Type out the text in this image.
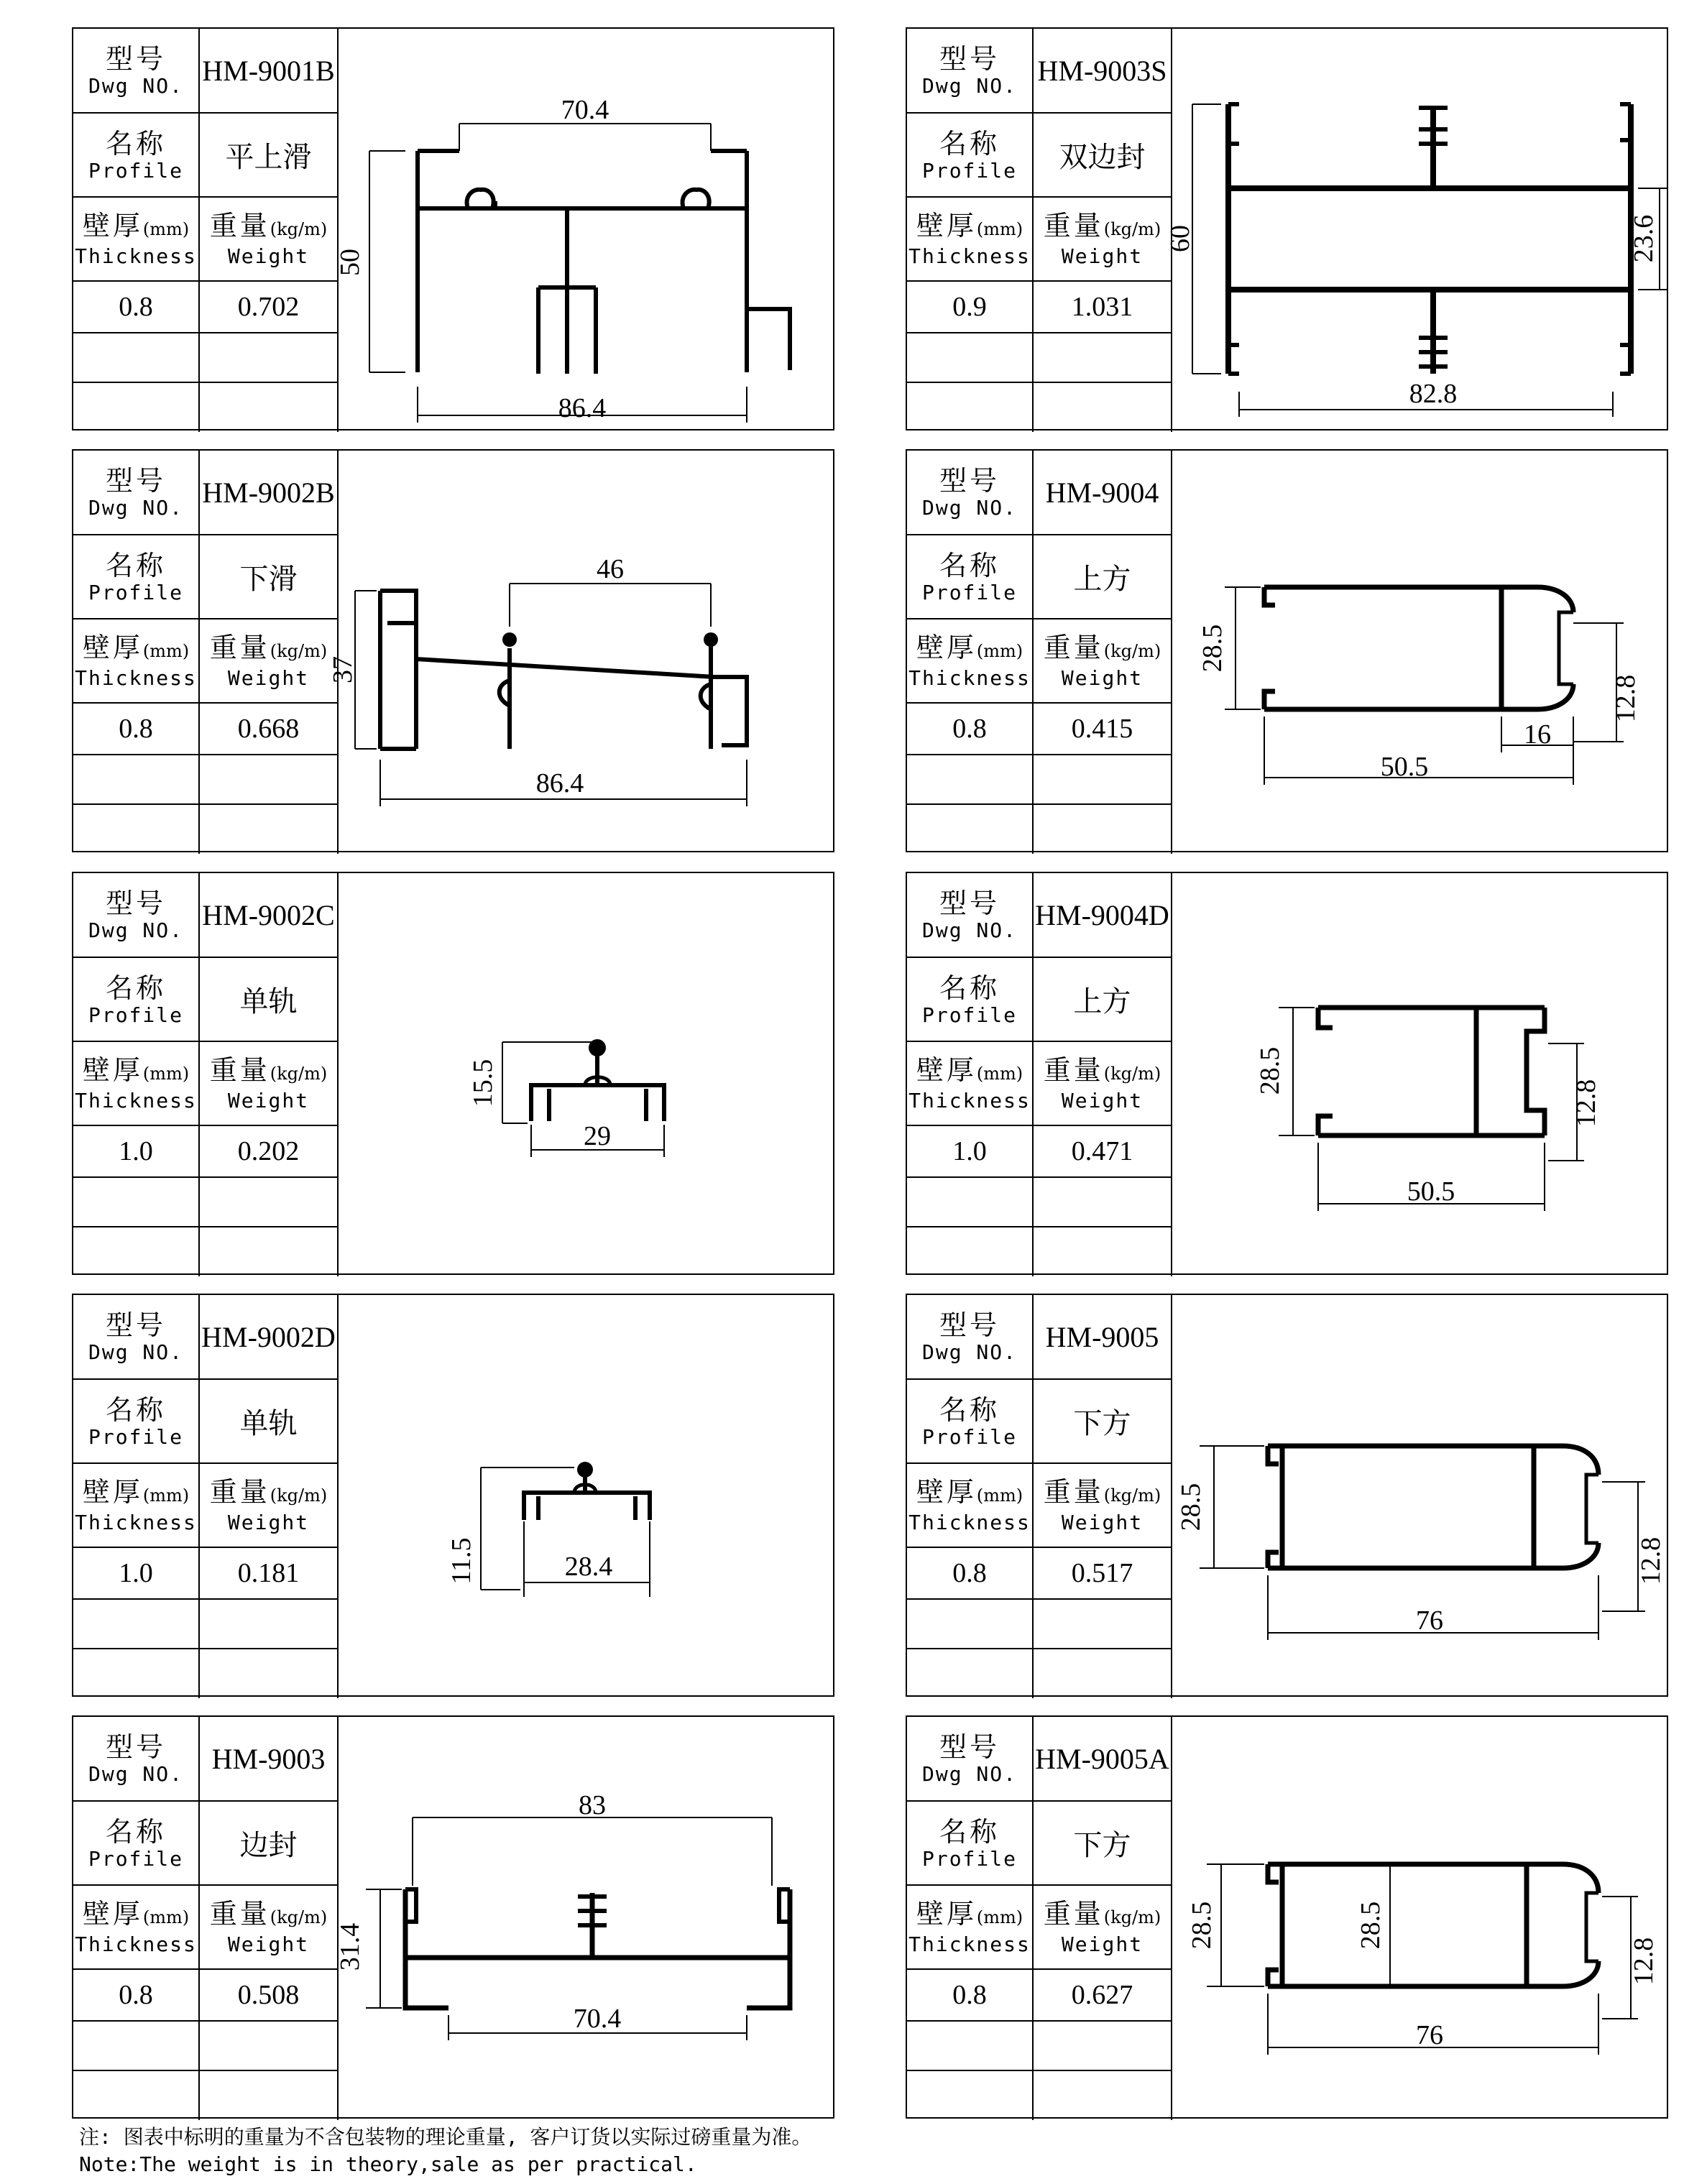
型号
Dwg NO.	HM-9001B

名称
Profile	平上滑

壁厚(mm)
Thickness	重量(kg/m)
Weight

0.8	0.702

70.4
86.4
50
型号
Dwg NO.	HM-9003S

名称
Profile	双边封

壁厚(mm)
Thickness	重量(kg/m)
Weight

0.9	1.031

82.8
60	23.6
型号
Dwg NO.	HM-9002B

名称
Profile	下滑

壁厚(mm)
Thickness	重量(kg/m)
Weight

0.8	0.668

46
86.4
37
型号
Dwg NO.	HM-9004

名称
Profile	上方

壁厚(mm)
Thickness	重量(kg/m)
Weight

0.8	0.415

28.5
50.5
16
12.8
型号
Dwg NO.	HM-9002C

名称
Profile	单轨

壁厚(mm)
Thickness	重量(kg/m)
Weight

1.0	0.202

15.5
29
型号
Dwg NO.	HM-9004D

名称
Profile	上方

壁厚(mm)
Thickness	重量(kg/m)
Weight

1.0	0.471

28.5
50.5
12.8
型号
Dwg NO.	HM-9002D

名称
Profile	单轨

壁厚(mm)
Thickness	重量(kg/m)
Weight

1.0	0.181

		11.5	28.4
型号
Dwg NO.	HM-9005

名称
Profile	下方

壁厚(mm)
Thickness	重量(kg/m)
Weight

0.8	0.517

28.5
76
12.8
型号
Dwg NO.	HM-9003

名称
Profile	边封

壁厚(mm)
Thickness	重量(kg/m)
Weight

0.8	0.508

83
70.4
31.4
型号
Dwg NO.	HM-9005A

名称
Profile	下方

壁厚(mm)
Thickness	重量(kg/m)
Weight

0.8	0.627

28.5	28.5
76
12.8
注: 图表中标明的重量为不含包装物的理论重量, 客户订货以实际过磅重量为准。
Note:The weight is in theory,sale as per practical.
